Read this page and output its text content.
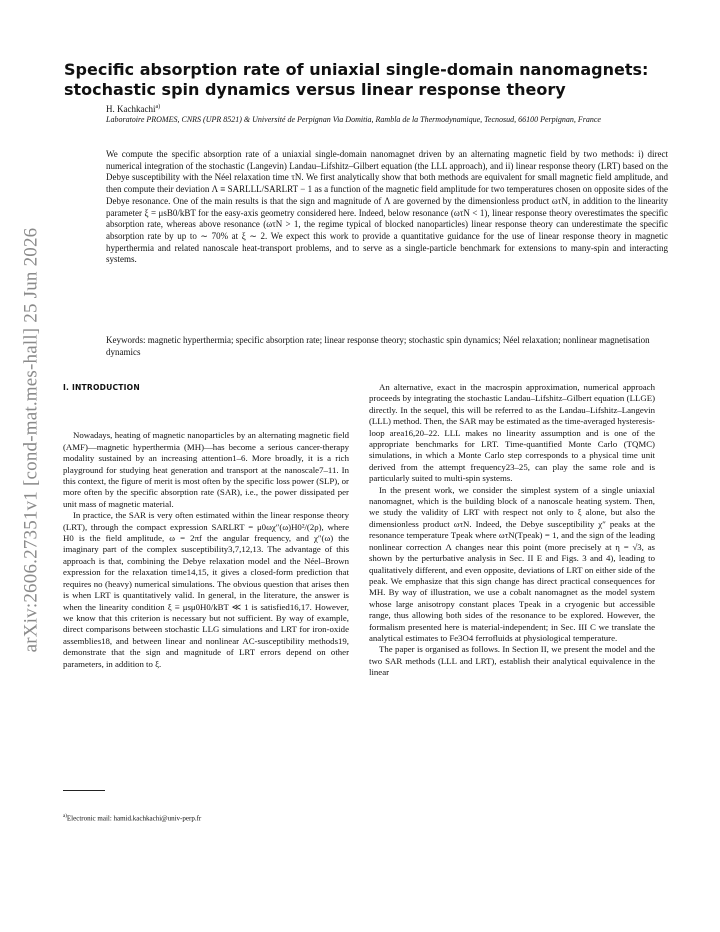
arXiv:2606.27351v1 [cond-mat.mes-hall] 25 Jun 2026
Specific absorption rate of uniaxial single-domain nanomagnets: stochastic spin dynamics versus linear response theory
H. Kachkachi$^{a)}$
Laboratoire PROMES, CNRS (UPR 8521) & Université de Perpignan Via Domitia, Rambla de la Thermodynamique, Tecnosud, 66100 Perpignan, France
We compute the specific absorption rate of a uniaxial single-domain nanomagnet driven by an alternating magnetic field by two methods: i) direct numerical integration of the stochastic (Langevin) Landau–Lifshitz–Gilbert equation (the LLL approach), and ii) linear response theory (LRT) based on the Debye susceptibility with the Néel relaxation time τN. We first analytically show that both methods are equivalent for small magnetic field amplitude, and then compute their deviation Λ ≡ SARLLL/SARLRT − 1 as a function of the magnetic field amplitude for two temperatures chosen on opposite sides of the Debye resonance. One of the main results is that the sign and magnitude of Λ are governed by the dimensionless product ωτN, in addition to the linearity parameter ξ = μsB0/kBT for the easy-axis geometry considered here. Indeed, below resonance (ωτN < 1), linear response theory overestimates the specific absorption rate, whereas above resonance (ωτN > 1, the regime typical of blocked nanoparticles) linear response theory can underestimate the specific absorption rate by up to ∼ 70% at ξ ∼ 2. We expect this work to provide a quantitative guidance for the use of linear response theory in magnetic hyperthermia and related nanoscale heat-transport problems, and to serve as a single-particle benchmark for extensions to many-spin and interacting systems.
Keywords: magnetic hyperthermia; specific absorption rate; linear response theory; stochastic spin dynamics; Néel relaxation; nonlinear magnetisation dynamics
I. INTRODUCTION

Nowadays, heating of magnetic nanoparticles by an alternating magnetic field (AMF)—magnetic hyperthermia (MH)—has become a serious cancer-therapy modality sustained by an increasing attention1–6. More broadly, it is a rich playground for studying heat generation and transport at the nanoscale7–11. In this context, the figure of merit is most often by the specific loss power (SLP), or more often by the specific absorption rate (SAR), i.e., the power dissipated per unit mass of magnetic material.

In practice, the SAR is very often estimated within the linear response theory (LRT), through the compact expression SARLRT = μ0ωχ″(ω)H0²/(2ρ), where H0 is the field amplitude, ω = 2πf the angular frequency, and χ″(ω) the imaginary part of the complex susceptibility3,7,12,13. The advantage of this approach is that, combining the Debye relaxation model and the Néel–Brown expression for the relaxation time14,15, it gives a closed-form prediction that requires no (heavy) numerical simulations. The obvious question that arises then is when LRT is quantitatively valid. In general, in the literature, the answer is when the linearity condition ξ ≡ μsμ0H0/kBT ≪ 1 is satisfied16,17. However, we know that this criterion is necessary but not sufficient. By way of example, direct comparisons between stochastic LLG simulations and LRT for iron-oxide assemblies18, and between linear and nonlinear AC-susceptibility methods19, demonstrate that the sign and magnitude of LRT errors depend on other parameters, in addition to ξ.

An alternative, exact in the macrospin approximation, numerical approach proceeds by integrating the stochastic Landau–Lifshitz–Gilbert equation (LLGE) directly. In the sequel, this will be referred to as the Landau–Lifshitz–Langevin (LLL) method. Then, the SAR may be estimated as the time-averaged hysteresis-loop area16,20–22. LLL makes no linearity assumption and is one of the appropriate benchmarks for LRT. Time-quantified Monte Carlo (TQMC) simulations, in which a Monte Carlo step corresponds to a physical time unit derived from the attempt frequency23–25, can play the same role and is particularly suited to multi-spin systems.

In the present work, we consider the simplest system of a single uniaxial nanomagnet, which is the building block of a nanoscale heating system. Then, we study the validity of LRT with respect not only to ξ alone, but also the dimensionless product ωτN. Indeed, the Debye susceptibility χ″ peaks at the resonance temperature Tpeak where ωτN(Tpeak) = 1, and the sign of the leading nonlinear correction Λ changes near this point (more precisely at η = √3, as shown by the perturbative analysis in Sec. II E and Figs. 3 and 4), leading to qualitatively different, and even opposite, deviations of LRT on either side of the peak. We emphasize that this sign change has direct practical consequences for MH. By way of illustration, we use a cobalt nanomagnet as the model system whose large anisotropy constant places Tpeak in a cryogenic but accessible range, thus allowing both sides of the resonance to be explored. However, the formalism presented here is material-independent; in Sec. III C we translate the analytical estimates to Fe3O4 ferrofluids at physiological temperature.

The paper is organised as follows. In Section II, we present the model and the two SAR methods (LLL and LRT), establish their analytical equivalence in the linear

$^{a)}$Electronic mail: hamid.kachkachi@univ-perp.fr
